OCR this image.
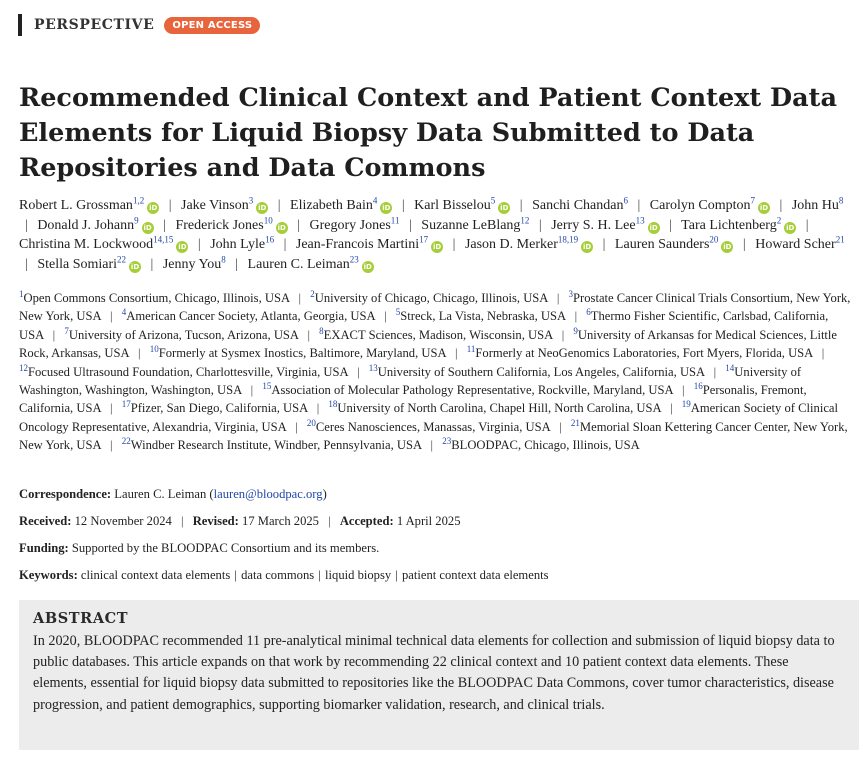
PERSPECTIVE	OPEN ACCESS
Recommended Clinical Context and Patient Context Data Elements for Liquid Biopsy Data Submitted to Data Repositories and Data Commons
Robert L. Grossman$^{1,2}$iD | Jake Vinson$^3$iD | Elizabeth Bain$^4$iD | Karl Bisselou$^5$iD | Sanchi Chandan$^6$ | Carolyn Compton$^7$iD | John Hu$^8$ | Donald J. Johann$^9$iD | Frederick Jones$^{10}$iD | Gregory Jones$^{11}$ | Suzanne LeBlang$^{12}$ | Jerry S. H. Lee$^{13}$iD | Tara Lichtenberg$^2$iD | Christina M. Lockwood$^{14,15}$iD | John Lyle$^{16}$ | Jean-Francois Martini$^{17}$iD | Jason D. Merker$^{18,19}$iD | Lauren Saunders$^{20}$iD | Howard Scher$^{21}$ | Stella Somiari$^{22}$iD | Jenny You$^8$ | Lauren C. Leiman$^{23}$iD
$^1$Open Commons Consortium, Chicago, Illinois, USA | $^2$University of Chicago, Chicago, Illinois, USA | $^3$Prostate Cancer Clinical Trials Consortium, New York, New York, USA | $^4$American Cancer Society, Atlanta, Georgia, USA | $^5$Streck, La Vista, Nebraska, USA | $^6$Thermo Fisher Scientific, Carlsbad, California, USA | $^7$University of Arizona, Tucson, Arizona, USA | $^8$EXACT Sciences, Madison, Wisconsin, USA | $^9$University of Arkansas for Medical Sciences, Little Rock, Arkansas, USA | $^{10}$Formerly at Sysmex Inostics, Baltimore, Maryland, USA | $^{11}$Formerly at NeoGenomics Laboratories, Fort Myers, Florida, USA | $^{12}$Focused Ultrasound Foundation, Charlottesville, Virginia, USA | $^{13}$University of Southern California, Los Angeles, California, USA | $^{14}$University of Washington, Washington, Washington, USA | $^{15}$Association of Molecular Pathology Representative, Rockville, Maryland, USA | $^{16}$Personalis, Fremont, California, USA | $^{17}$Pfizer, San Diego, California, USA | $^{18}$University of North Carolina, Chapel Hill, North Carolina, USA | $^{19}$American Society of Clinical Oncology Representative, Alexandria, Virginia, USA | $^{20}$Ceres Nanosciences, Manassas, Virginia, USA | $^{21}$Memorial Sloan Kettering Cancer Center, New York, New York, USA | $^{22}$Windber Research Institute, Windber, Pennsylvania, USA | $^{23}$BLOODPAC, Chicago, Illinois, USA
Correspondence: Lauren C. Leiman (lauren@bloodpac.org)
Received: 12 November 2024 | Revised: 17 March 2025 | Accepted: 1 April 2025
Funding: Supported by the BLOODPAC Consortium and its members.
Keywords: clinical context data elements | data commons | liquid biopsy | patient context data elements
ABSTRACT

In 2020, BLOODPAC recommended 11 pre-analytical minimal technical data elements for collection and submission of liquid biopsy data to public databases. This article expands on that work by recommending 22 clinical context and 10 patient context data elements. These elements, essential for liquid biopsy data submitted to repositories like the BLOODPAC Data Commons, cover tumor characteristics, disease progression, and patient demographics, supporting biomarker validation, research, and clinical trials.
